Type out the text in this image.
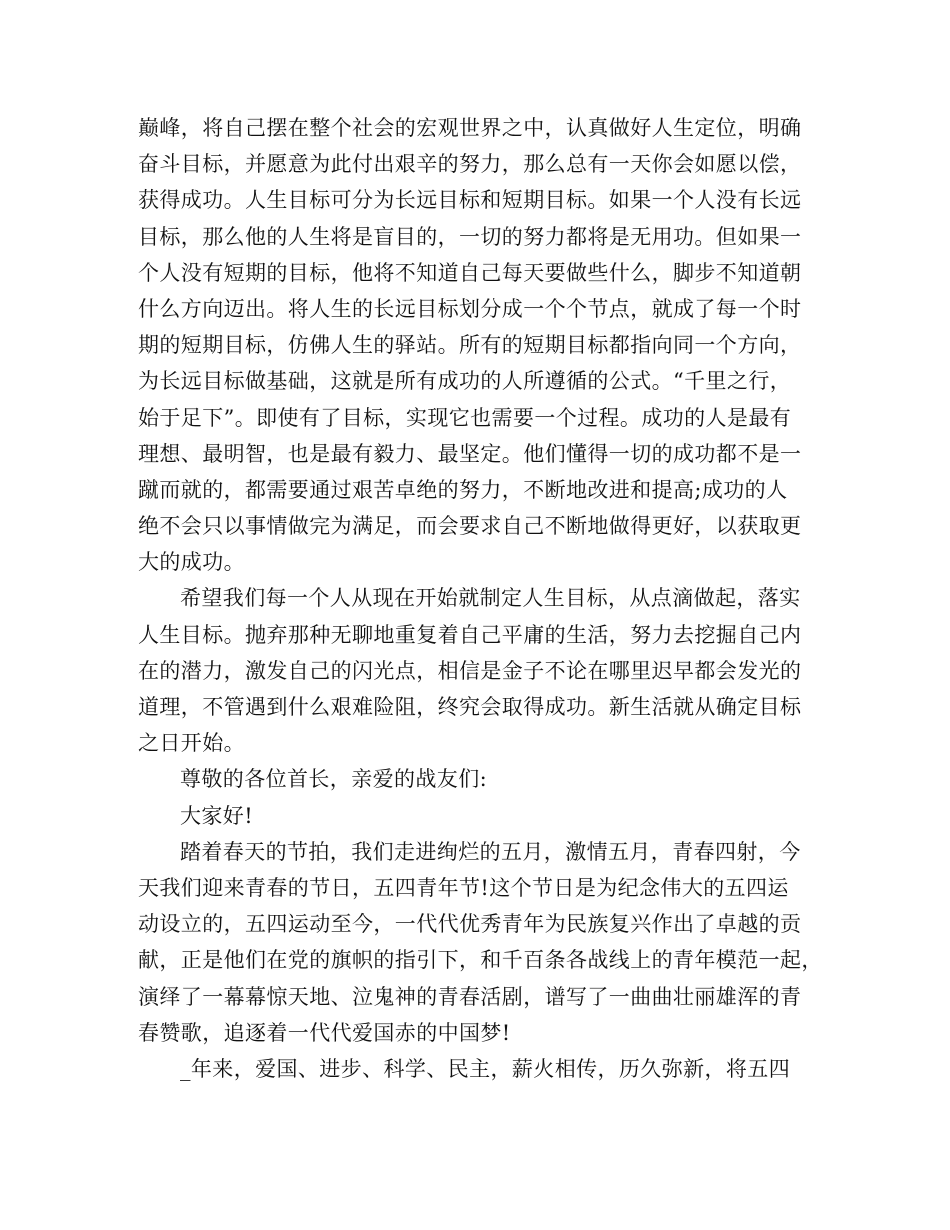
巅峰，将自己摆在整个社会的宏观世界之中，认真做好人生定位，明确
奋斗目标，并愿意为此付出艰辛的努力，那么总有一天你会如愿以偿，
获得成功。人生目标可分为长远目标和短期目标。如果一个人没有长远
目标，那么他的人生将是盲目的，一切的努力都将是无用功。但如果一
个人没有短期的目标，他将不知道自己每天要做些什么，脚步不知道朝
什么方向迈出。将人生的长远目标划分成一个个节点，就成了每一个时
期的短期目标，仿佛人生的驿站。所有的短期目标都指向同一个方向，
为长远目标做基础，这就是所有成功的人所遵循的公式。“千里之行，
始于足下”。即使有了目标，实现它也需要一个过程。成功的人是最有
理想、最明智，也是最有毅力、最坚定。他们懂得一切的成功都不是一
蹴而就的，都需要通过艰苦卓绝的努力，不断地改进和提高;成功的人
绝不会只以事情做完为满足，而会要求自己不断地做得更好，以获取更
大的成功。
希望我们每一个人从现在开始就制定人生目标，从点滴做起，落实
人生目标。抛弃那种无聊地重复着自己平庸的生活，努力去挖掘自己内
在的潜力，激发自己的闪光点，相信是金子不论在哪里迟早都会发光的
道理，不管遇到什么艰难险阻，终究会取得成功。新生活就从确定目标
之日开始。
尊敬的各位首长，亲爱的战友们:
大家好!
踏着春天的节拍，我们走进绚烂的五月，激情五月，青春四射，今
天我们迎来青春的节日，五四青年节!这个节日是为纪念伟大的五四运
动设立的，五四运动至今，一代代优秀青年为民族复兴作出了卓越的贡
献，正是他们在党的旗帜的指引下，和千百条各战线上的青年模范一起，
演绎了一幕幕惊天地、泣鬼神的青春活剧，谱写了一曲曲壮丽雄浑的青
春赞歌，追逐着一代代爱国赤的中国梦!
_年来，爱国、进步、科学、民主，薪火相传，历久弥新，将五四
